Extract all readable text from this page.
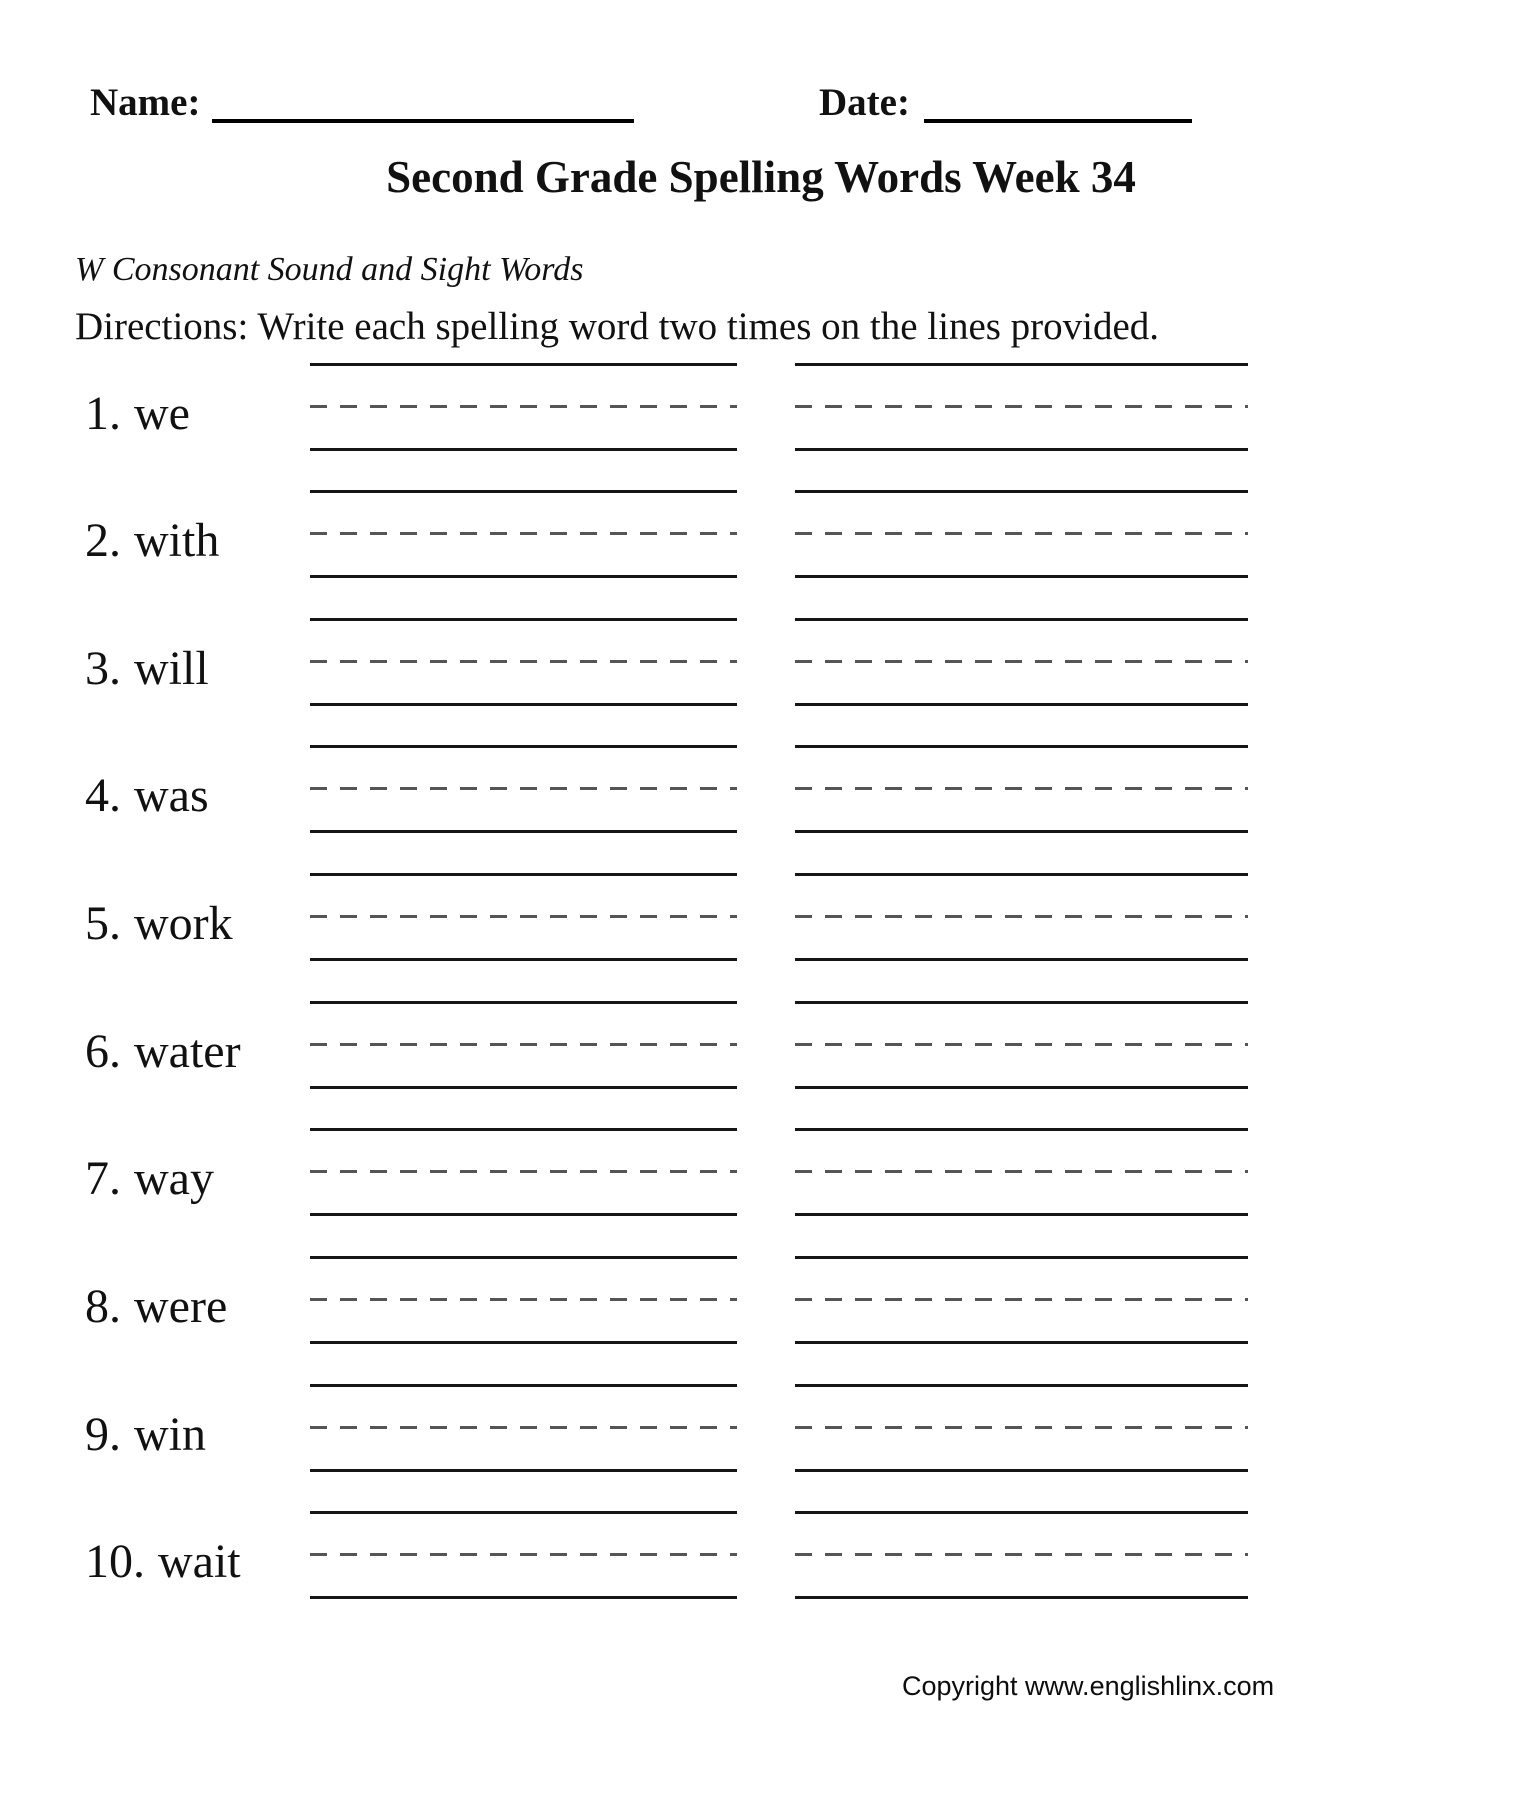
Name:	Date:
Second Grade Spelling Words Week 34
W Consonant Sound and Sight Words
Directions: Write each spelling word two times on the lines provided.
1. we
2. with
3. will
4. was
5. work
6. water
7. way
8. were
9. win
10. wait
Copyright www.englishlinx.com
